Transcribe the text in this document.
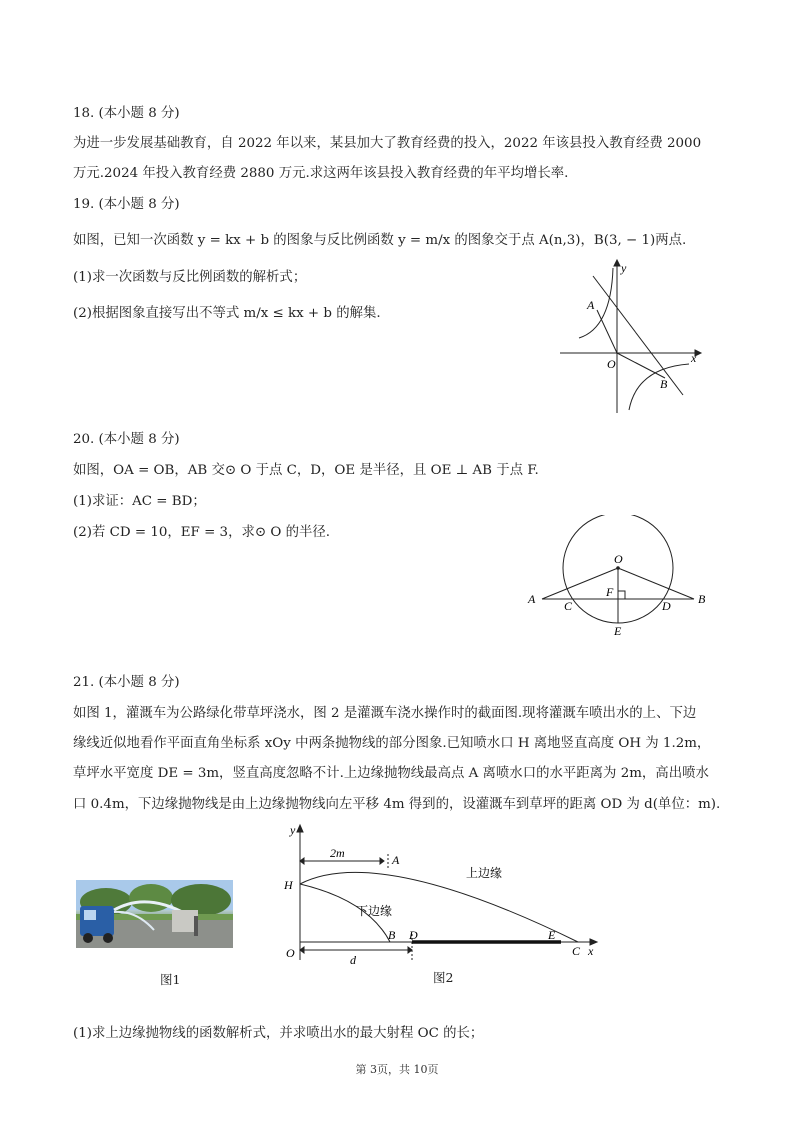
18. (本小题 8 分)
为进一步发展基础教育，自 2022 年以来，某县加大了教育经费的投入，2022 年该县投入教育经费 2000
万元.2024 年投入教育经费 2880 万元.求这两年该县投入教育经费的年平均增长率.
19. (本小题 8 分)
如图，已知一次函数 y = kx + b 的图象与反比例函数 y = m/x 的图象交于点 A(n,3)，B(3, − 1)两点.
(1)求一次函数与反比例函数的解析式；
(2)根据图象直接写出不等式 m/x ≤ kx + b 的解集.
y
x
A
O
B
20. (本小题 8 分)
如图，OA = OB，AB 交⊙ O 于点 C，D，OE 是半径，且 OE ⊥ AB 于点 F.
(1)求证：AC = BD；
(2)若 CD = 10，EF = 3，求⊙ O 的半径.
O
F
A C	D B
E
21. (本小题 8 分)
如图 1，灌溉车为公路绿化带草坪浇水，图 2 是灌溉车浇水操作时的截面图.现将灌溉车喷出水的上、下边
缘线近似地看作平面直角坐标系 xOy 中两条抛物线的部分图象.已知喷水口 H 离地竖直高度 OH 为 1.2m，
草坪水平宽度 DE = 3m，竖直高度忽略不计.上边缘抛物线最高点 A 离喷水口的水平距离为 2m，高出喷水
口 0.4m，下边缘抛物线是由上边缘抛物线向左平移 4m 得到的，设灌溉车到草坪的距离 OD 为 d(单位：m).
图1
y
x
H
O
A
B D	E
C
2m
d
上边缘
下边缘
图2
(1)求上边缘抛物线的函数解析式，并求喷出水的最大射程 OC 的长；
第 3页，共 10页
